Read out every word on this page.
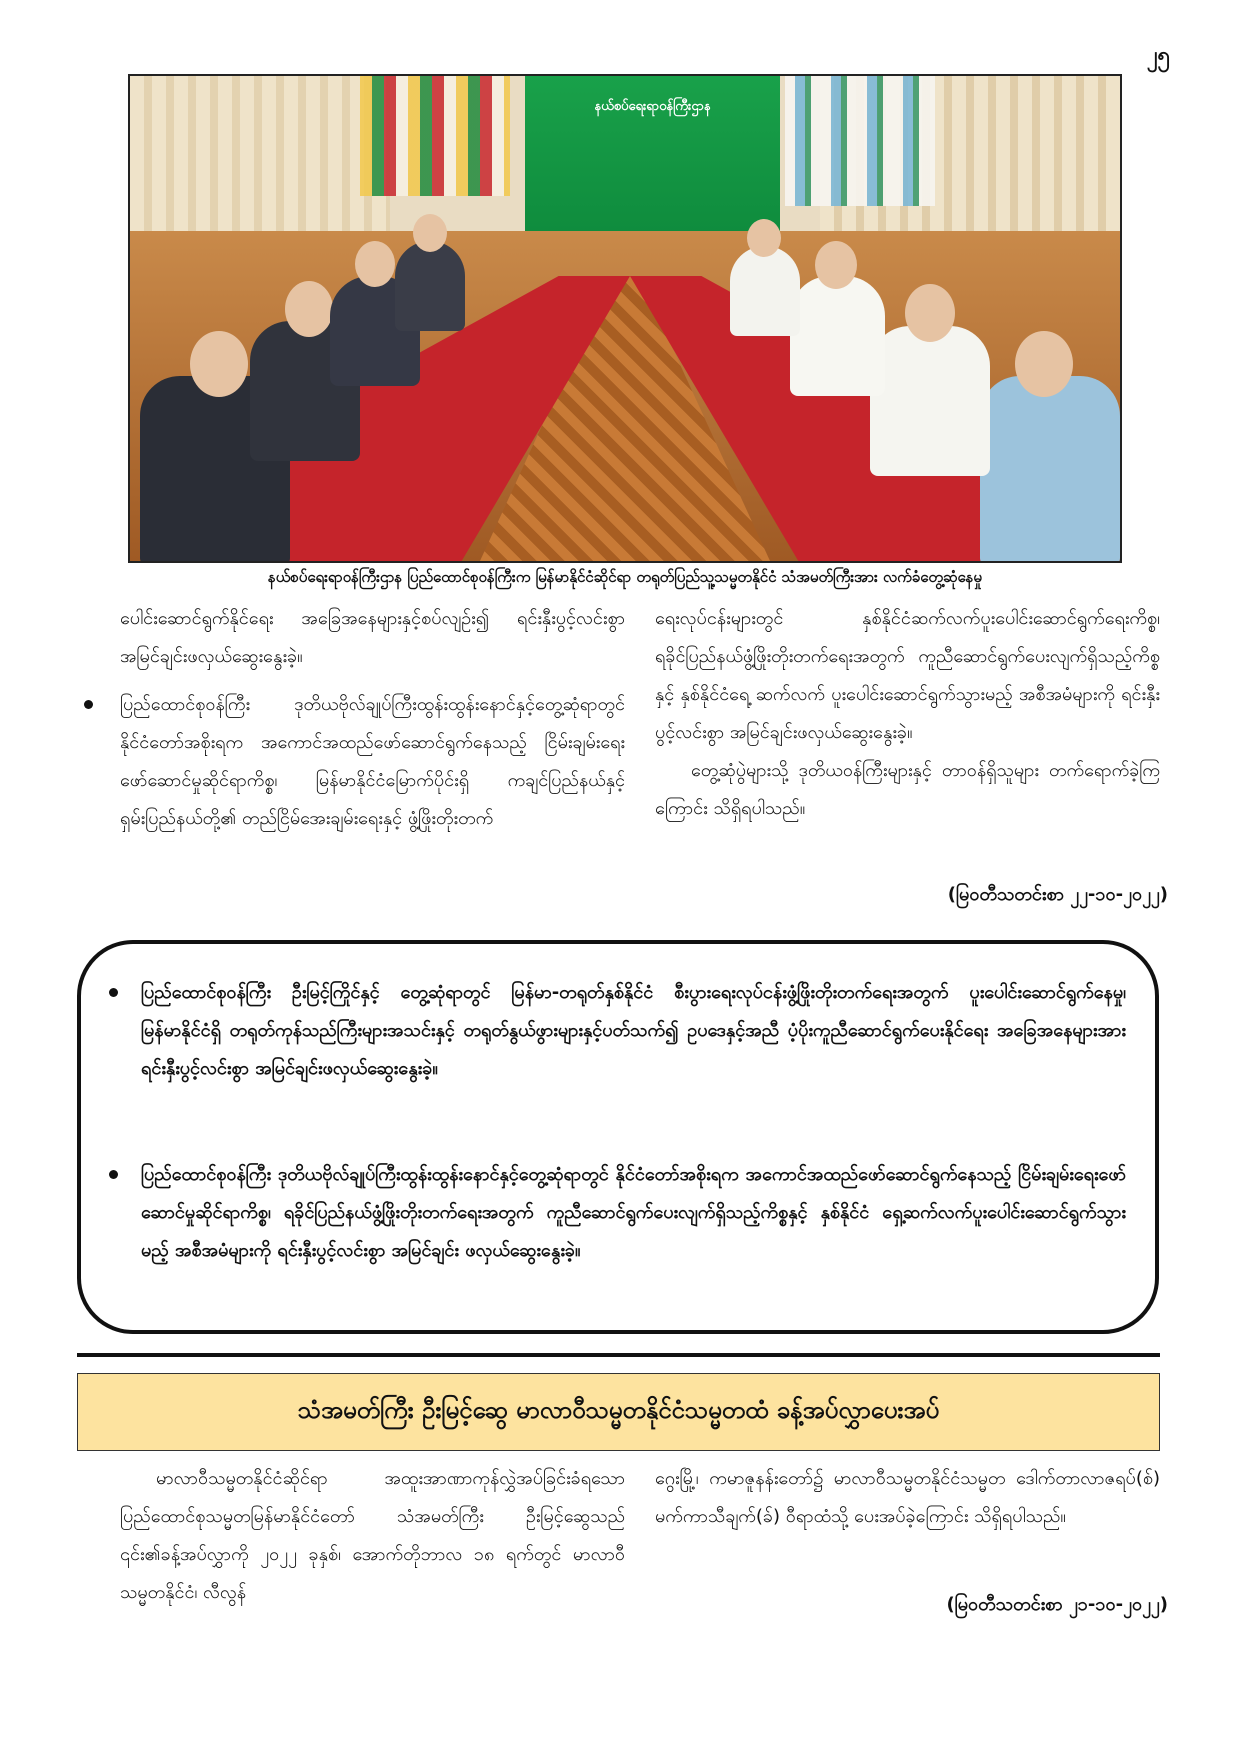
၂၅
နယ်စပ်ရေးရာဝန်ကြီးဌာန
နယ်စပ်ရေးရာဝန်ကြီးဌာန ပြည်ထောင်စုဝန်ကြီးက မြန်မာနိုင်ငံဆိုင်ရာ တရုတ်ပြည်သူ့သမ္မတနိုင်ငံ သံအမတ်ကြီးအား လက်ခံတွေ့ဆုံနေမှု

ပေါင်းဆောင်ရွက်နိုင်ရေး အခြေအနေများနှင့်စပ်လျဉ်း၍ ရင်းနှီးပွင့်လင်းစွာ အမြင်ချင်းဖလှယ်ဆွေးနွေးခဲ့။

ပြည်ထောင်စုဝန်ကြီး ဒုတိယဗိုလ်ချုပ်ကြီးထွန်းထွန်းနောင်နှင့်တွေ့ဆုံရာတွင် နိုင်ငံတော်အစိုးရက အကောင်အထည်ဖော်ဆောင်ရွက်နေသည့် ငြိမ်းချမ်းရေးဖော်ဆောင်မှုဆိုင်ရာကိစ္စ၊ မြန်မာနိုင်ငံမြောက်ပိုင်းရှိ ကချင်ပြည်နယ်နှင့် ရှမ်းပြည်နယ်တို့၏ တည်ငြိမ်အေးချမ်းရေးနှင့် ဖွံ့ဖြိုးတိုးတက်

ရေးလုပ်ငန်းများတွင် နှစ်နိုင်ငံဆက်လက်ပူးပေါင်းဆောင်ရွက်ရေးကိစ္စ၊ ရခိုင်ပြည်နယ်ဖွံ့ဖြိုးတိုးတက်ရေးအတွက် ကူညီဆောင်ရွက်ပေးလျက်ရှိသည့်ကိစ္စနှင့် နှစ်နိုင်ငံရေ့ ဆက်လက် ပူးပေါင်းဆောင်ရွက်သွားမည့် အစီအမံများကို ရင်းနှီးပွင့်လင်းစွာ အမြင်ချင်းဖလှယ်ဆွေးနွေးခဲ့။

တွေ့ဆုံပွဲများသို့ ဒုတိယဝန်ကြီးများနှင့် တာဝန်ရှိသူများ တက်ရောက်ခဲ့ကြကြောင်း သိရှိရပါသည်။

(မြဝတီသတင်းစာ ၂၂-၁၀-၂၀၂၂)
ပြည်ထောင်စုဝန်ကြီး ဦးမြင့်ကြိုင်နှင့် တွေ့ဆုံရာတွင် မြန်မာ-တရုတ်နှစ်နိုင်ငံ စီးပွားရေးလုပ်ငန်းဖွံ့ဖြိုးတိုးတက်ရေးအတွက် ပူးပေါင်းဆောင်ရွက်နေမှု၊ မြန်မာနိုင်ငံရှိ တရုတ်ကုန်သည်ကြီးများအသင်းနှင့် တရုတ်နွယ်ဖွားများနှင့်ပတ်သက်၍ ဥပဒေနှင့်အညီ ပံ့ပိုးကူညီဆောင်ရွက်ပေးနိုင်ရေး အခြေအနေများအား ရင်းနှီးပွင့်လင်းစွာ အမြင်ချင်းဖလှယ်ဆွေးနွေးခဲ့။
ပြည်ထောင်စုဝန်ကြီး ဒုတိယဗိုလ်ချုပ်ကြီးထွန်းထွန်းနောင်နှင့်တွေ့ဆုံရာတွင် နိုင်ငံတော်အစိုးရက အကောင်အထည်ဖော်ဆောင်ရွက်နေသည့် ငြိမ်းချမ်းရေးဖော်ဆောင်မှုဆိုင်ရာကိစ္စ၊ ရခိုင်ပြည်နယ်ဖွံ့ဖြိုးတိုးတက်ရေးအတွက် ကူညီဆောင်ရွက်ပေးလျက်ရှိသည့်ကိစ္စနှင့် နှစ်နိုင်ငံ ရှေ့ဆက်လက်ပူးပေါင်းဆောင်ရွက်သွားမည့် အစီအမံများကို ရင်းနှီးပွင့်လင်းစွာ အမြင်ချင်း ဖလှယ်ဆွေးနွေးခဲ့။
သံအမတ်ကြီး ဦးမြင့်ဆွေ မာလာဝီသမ္မတနိုင်ငံသမ္မတထံ ခန့်အပ်လွှာပေးအပ်

မာလာဝီသမ္မတနိုင်ငံဆိုင်ရာ အထူးအာဏာကုန်လွှဲအပ်ခြင်းခံရသော ပြည်ထောင်စုသမ္မတမြန်မာနိုင်ငံတော် သံအမတ်ကြီး ဦးမြင့်ဆွေသည် ၎င်း၏ခန့်အပ်လွှာကို ၂၀၂၂ ခုနှစ်၊ အောက်တိုဘာလ ၁၈ ရက်တွင် မာလာဝီသမ္မတနိုင်ငံ၊ လီလွန်

ဂွေးမြို့၊ ကမာဇူနန်းတော်၌ မာလာဝီသမ္မတနိုင်ငံသမ္မတ ဒေါက်တာလာဇရပ်(စ်) မက်ကာသီချက်(ခ်) ဝီရာထံသို့ ပေးအပ်ခဲ့ကြောင်း သိရှိရပါသည်။

(မြဝတီသတင်းစာ ၂၁-၁၀-၂၀၂၂)
